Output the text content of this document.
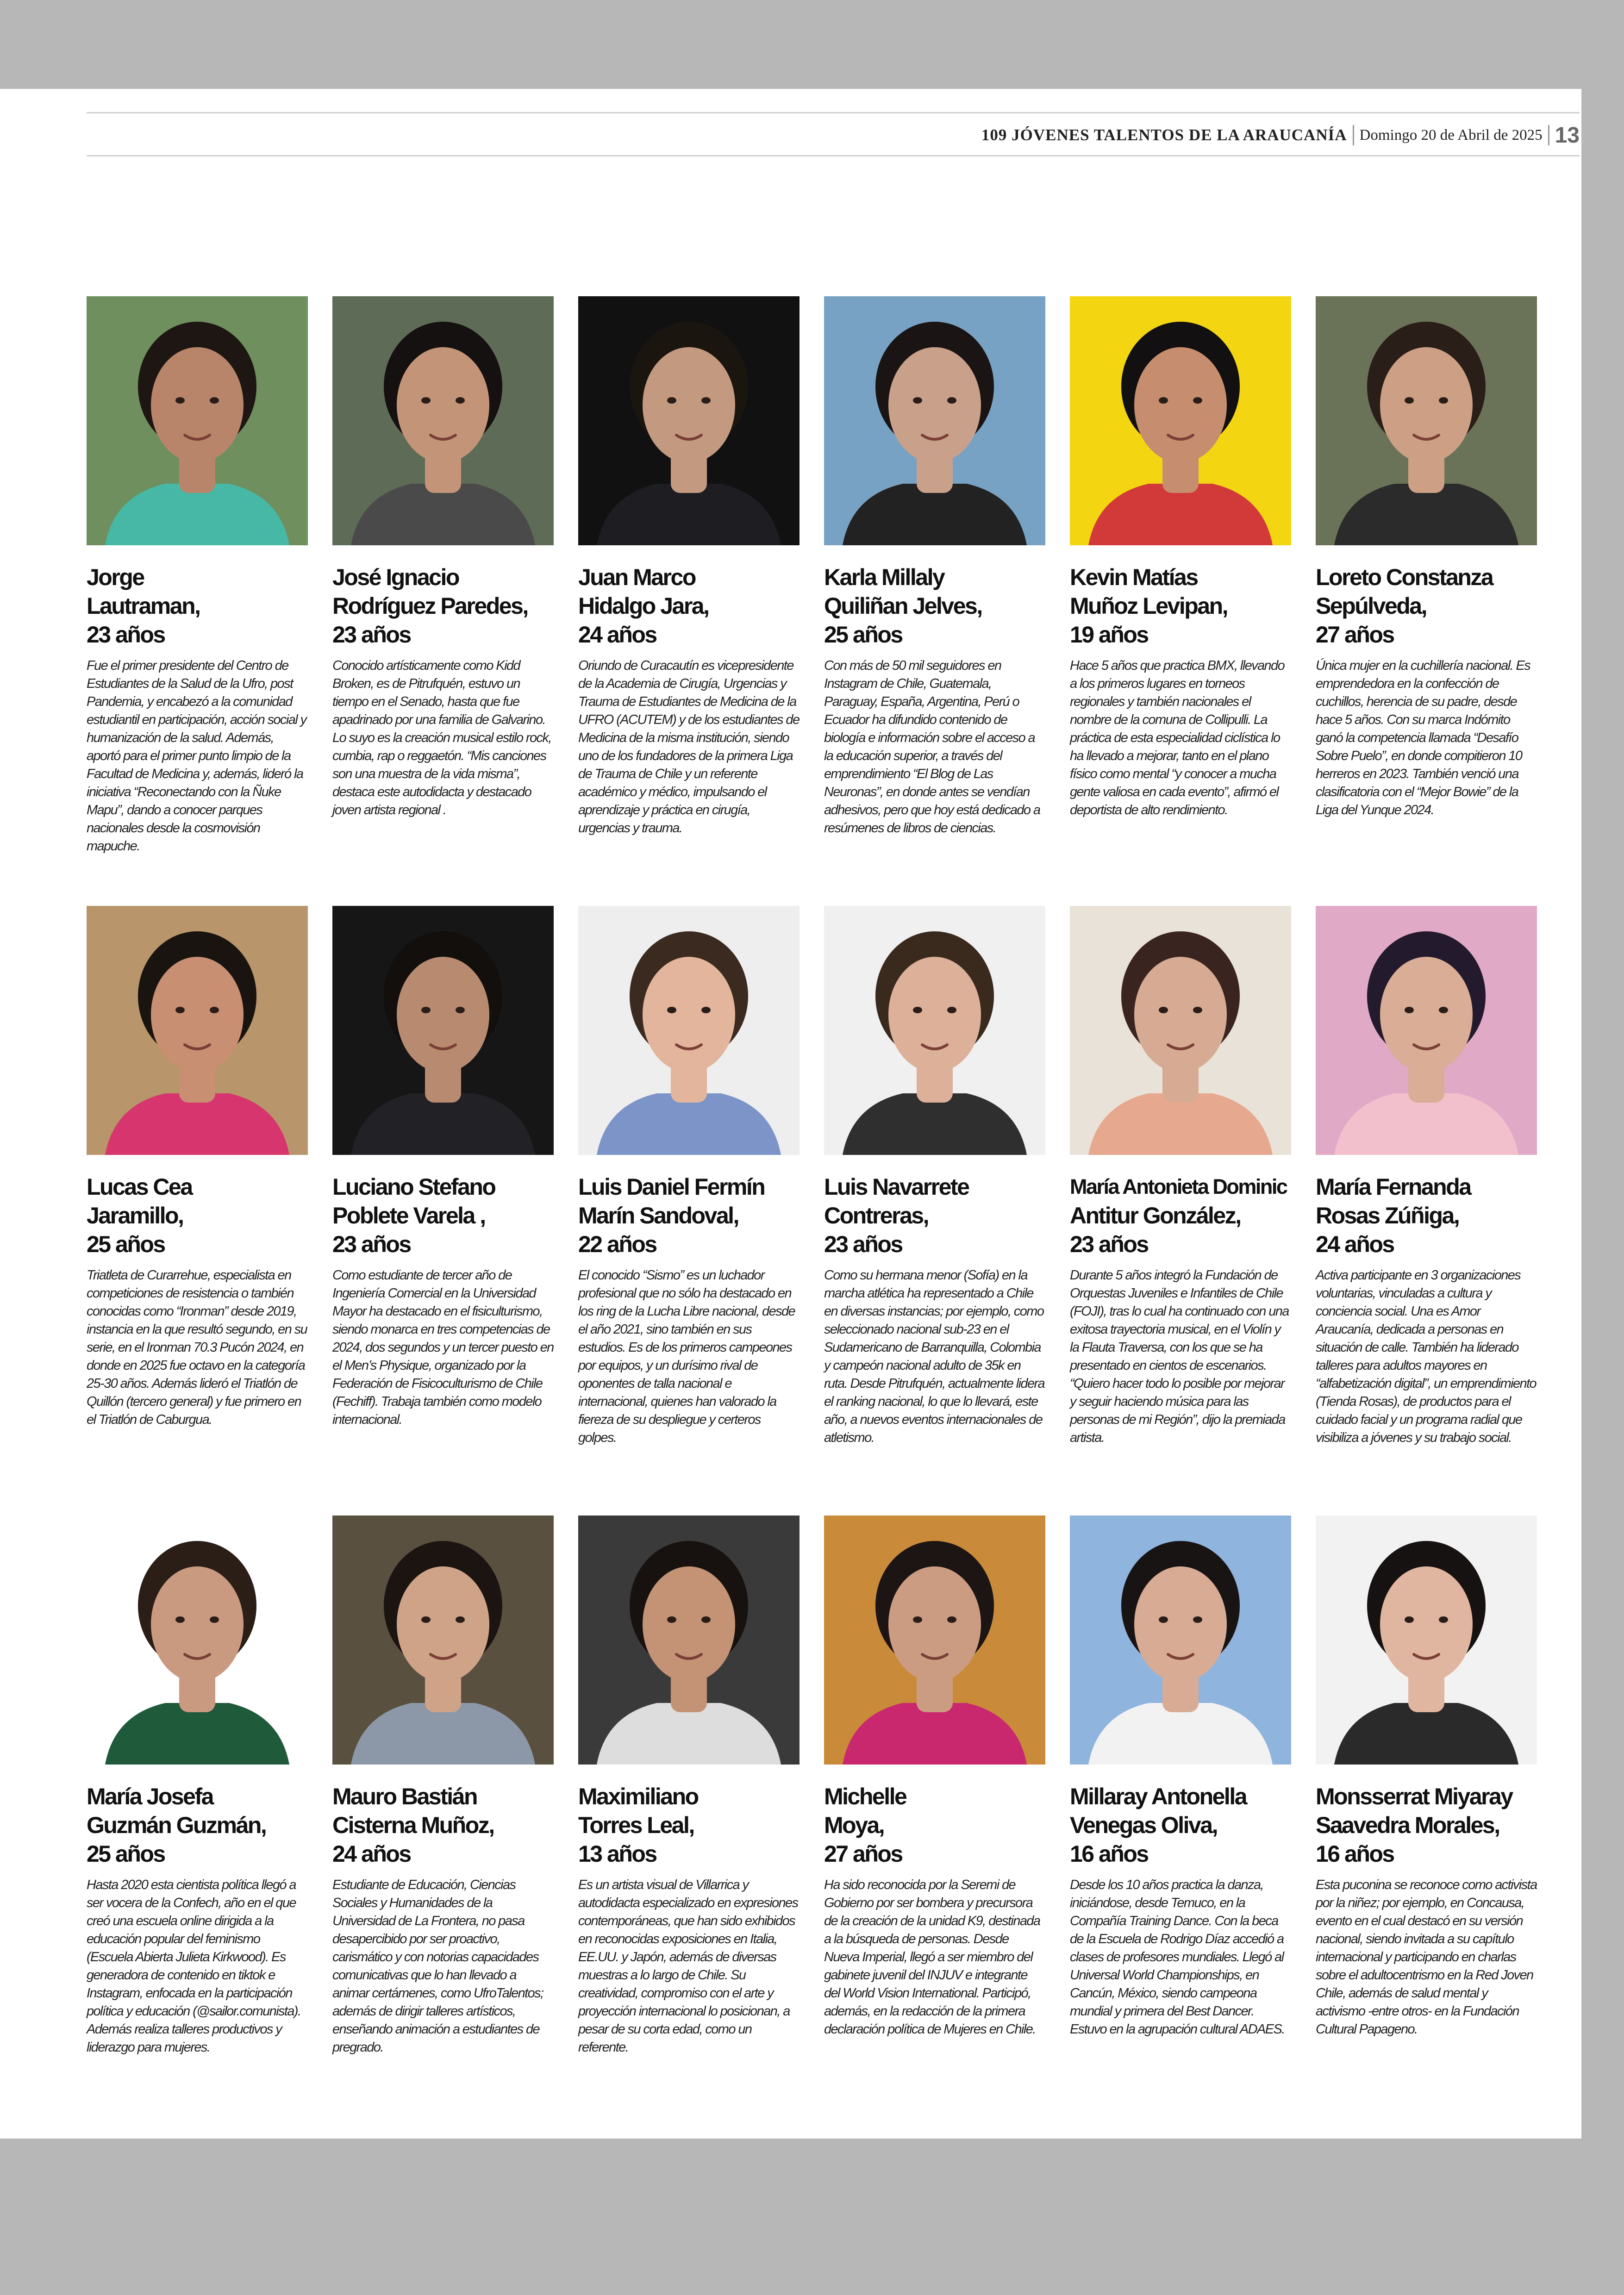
109 JÓVENES TALENTOS DE LA ARAUCANÍA Domingo 20 de Abril de 2025 13
Jorge
Lautraman,
23 años

Fue el primer presidente del Centro de Estudiantes de la Salud de la Ufro, post Pandemia, y encabezó a la comunidad estudiantil en participación, acción social y humanización de la salud. Además, aportó para el primer punto limpio de la Facultad de Medicina y, además, lideró la iniciativa “Reconectando con la Ñuke Mapu”, dando a conocer parques nacionales desde la cosmovisión mapuche.

José Ignacio
Rodríguez Paredes,
23 años

Conocido artísticamente como Kidd Broken, es de Pitrufquén, estuvo un tiempo en el Senado, hasta que fue apadrinado por una familia de Galvarino. Lo suyo es la creación musical estilo rock, cumbia, rap o reggaetón. “Mis canciones son una muestra de la vida misma”, destaca este autodidacta y destacado joven artista regional .

Juan Marco
Hidalgo Jara,
24 años

Oriundo de Curacautín es vicepresidente de la Academia de Cirugía, Urgencias y Trauma de Estudiantes de Medicina de la UFRO (ACUTEM) y de los estudiantes de Medicina de la misma institución, siendo uno de los fundadores de la primera Liga de Trauma de Chile y un referente académico y médico, impulsando el aprendizaje y práctica en cirugía, urgencias y trauma.

Karla Millaly
Quiliñan Jelves,
25 años

Con más de 50 mil seguidores en Instagram de Chile, Guatemala, Paraguay, España, Argentina, Perú o Ecuador ha difundido contenido de biología e información sobre el acceso a la educación superior, a través del emprendimiento “El Blog de Las Neuronas”, en donde antes se vendían adhesivos, pero que hoy está dedicado a resúmenes de libros de ciencias.

Kevin Matías
Muñoz Levipan,
19 años

Hace 5 años que practica BMX, llevando a los primeros lugares en torneos regionales y también nacionales el nombre de la comuna de Collipulli. La práctica de esta especialidad ciclística lo ha llevado a mejorar, tanto en el plano físico como mental “y conocer a mucha gente valiosa en cada evento”, afirmó el deportista de alto rendimiento.

Loreto Constanza
Sepúlveda,
27 años

Única mujer en la cuchillería nacional. Es emprendedora en la confección de cuchillos, herencia de su padre, desde hace 5 años. Con su marca Indómito ganó la competencia llamada “Desafío Sobre Puelo”, en donde compitieron 10 herreros en 2023. También venció una clasificatoria con el “Mejor Bowie” de la Liga del Yunque 2024.

Lucas Cea
Jaramillo,
25 años

Triatleta de Curarrehue, especialista en competiciones de resistencia o también conocidas como “Ironman” desde 2019, instancia en la que resultó segundo, en su serie, en el Ironman 70.3 Pucón 2024, en donde en 2025 fue octavo en la categoría 25-30 años. Además lideró el Triatlón de Quillón (tercero general) y fue primero en el Triatlón de Caburgua.

Luciano Stefano
Poblete Varela ,
23 años

Como estudiante de tercer año de Ingeniería Comercial en la Universidad Mayor ha destacado en el fisiculturismo, siendo monarca en tres competencias de 2024, dos segundos y un tercer puesto en el Men’s Physique, organizado por la Federación de Fisicoculturismo de Chile (Fechiff). Trabaja también como modelo internacional.

Luis Daniel Fermín
Marín Sandoval,
22 años

El conocido “Sismo” es un luchador profesional que no sólo ha destacado en los ring de la Lucha Libre nacional, desde el año 2021, sino también en sus estudios. Es de los primeros campeones por equipos, y un durísimo rival de oponentes de talla nacional e internacional, quienes han valorado la fiereza de su despliegue y certeros golpes.

Luis Navarrete
Contreras,
23 años

Como su hermana menor (Sofía) en la marcha atlética ha representado a Chile en diversas instancias; por ejemplo, como seleccionado nacional sub-23 en el Sudamericano de Barranquilla, Colombia y campeón nacional adulto de 35k en ruta. Desde Pitrufquén, actualmente lidera el ranking nacional, lo que lo llevará, este año, a nuevos eventos internacionales de atletismo.

María Antonieta Dominic
Antitur González,
23 años

Durante 5 años integró la Fundación de Orquestas Juveniles e Infantiles de Chile (FOJI), tras lo cual ha continuado con una exitosa trayectoria musical, en el Violín y la Flauta Traversa, con los que se ha presentado en cientos de escenarios. “Quiero hacer todo lo posible por mejorar y seguir haciendo música para las personas de mi Región”, dijo la premiada artista.

María Fernanda
Rosas Zúñiga,
24 años

Activa participante en 3 organizaciones voluntarias, vinculadas a cultura y conciencia social. Una es Amor Araucanía, dedicada a personas en situación de calle. También ha liderado talleres para adultos mayores en “alfabetización digital”, un emprendimiento (Tienda Rosas), de productos para el cuidado facial y un programa radial que visibiliza a jóvenes y su trabajo social.

María Josefa
Guzmán Guzmán,
25 años

Hasta 2020 esta cientista política llegó a ser vocera de la Confech, año en el que creó una escuela online dirigida a la educación popular del feminismo (Escuela Abierta Julieta Kirkwood). Es generadora de contenido en tiktok e Instagram, enfocada en la participación política y educación (@sailor.comunista). Además realiza talleres productivos y liderazgo para mujeres.

Mauro Bastián
Cisterna Muñoz,
24 años

Estudiante de Educación, Ciencias Sociales y Humanidades de la Universidad de La Frontera, no pasa desapercibido por ser proactivo, carismático y con notorias capacidades comunicativas que lo han llevado a animar certámenes, como UfroTalentos; además de dirigir talleres artísticos, enseñando animación a estudiantes de pregrado.

Maximiliano
Torres Leal,
13 años

Es un artista visual de Villarrica y autodidacta especializado en expresiones contemporáneas, que han sido exhibidos en reconocidas exposiciones en Italia, EE.UU. y Japón, además de diversas muestras a lo largo de Chile. Su creatividad, compromiso con el arte y proyección internacional lo posicionan, a pesar de su corta edad, como un referente.

Michelle
Moya,
27 años

Ha sido reconocida por la Seremi de Gobierno por ser bombera y precursora de la creación de la unidad K9, destinada a la búsqueda de personas. Desde Nueva Imperial, llegó a ser miembro del gabinete juvenil del INJUV e integrante del World Vision International. Participó, además, en la redacción de la primera declaración política de Mujeres en Chile.

Millaray Antonella
Venegas Oliva,
16 años

Desde los 10 años practica la danza, iniciándose, desde Temuco, en la Compañía Training Dance. Con la beca de la Escuela de Rodrigo Díaz accedió a clases de profesores mundiales. Llegó al Universal World Championships, en Cancún, México, siendo campeona mundial y primera del Best Dancer. Estuvo en la agrupación cultural ADAES.

Monsserrat Miyaray
Saavedra Morales,
16 años

Esta puconina se reconoce como activista por la niñez; por ejemplo, en Concausa, evento en el cual destacó en su versión nacional, siendo invitada a su capítulo internacional y participando en charlas sobre el adultocentrismo en la Red Joven Chile, además de salud mental y activismo -entre otros- en la Fundación Cultural Papageno.
